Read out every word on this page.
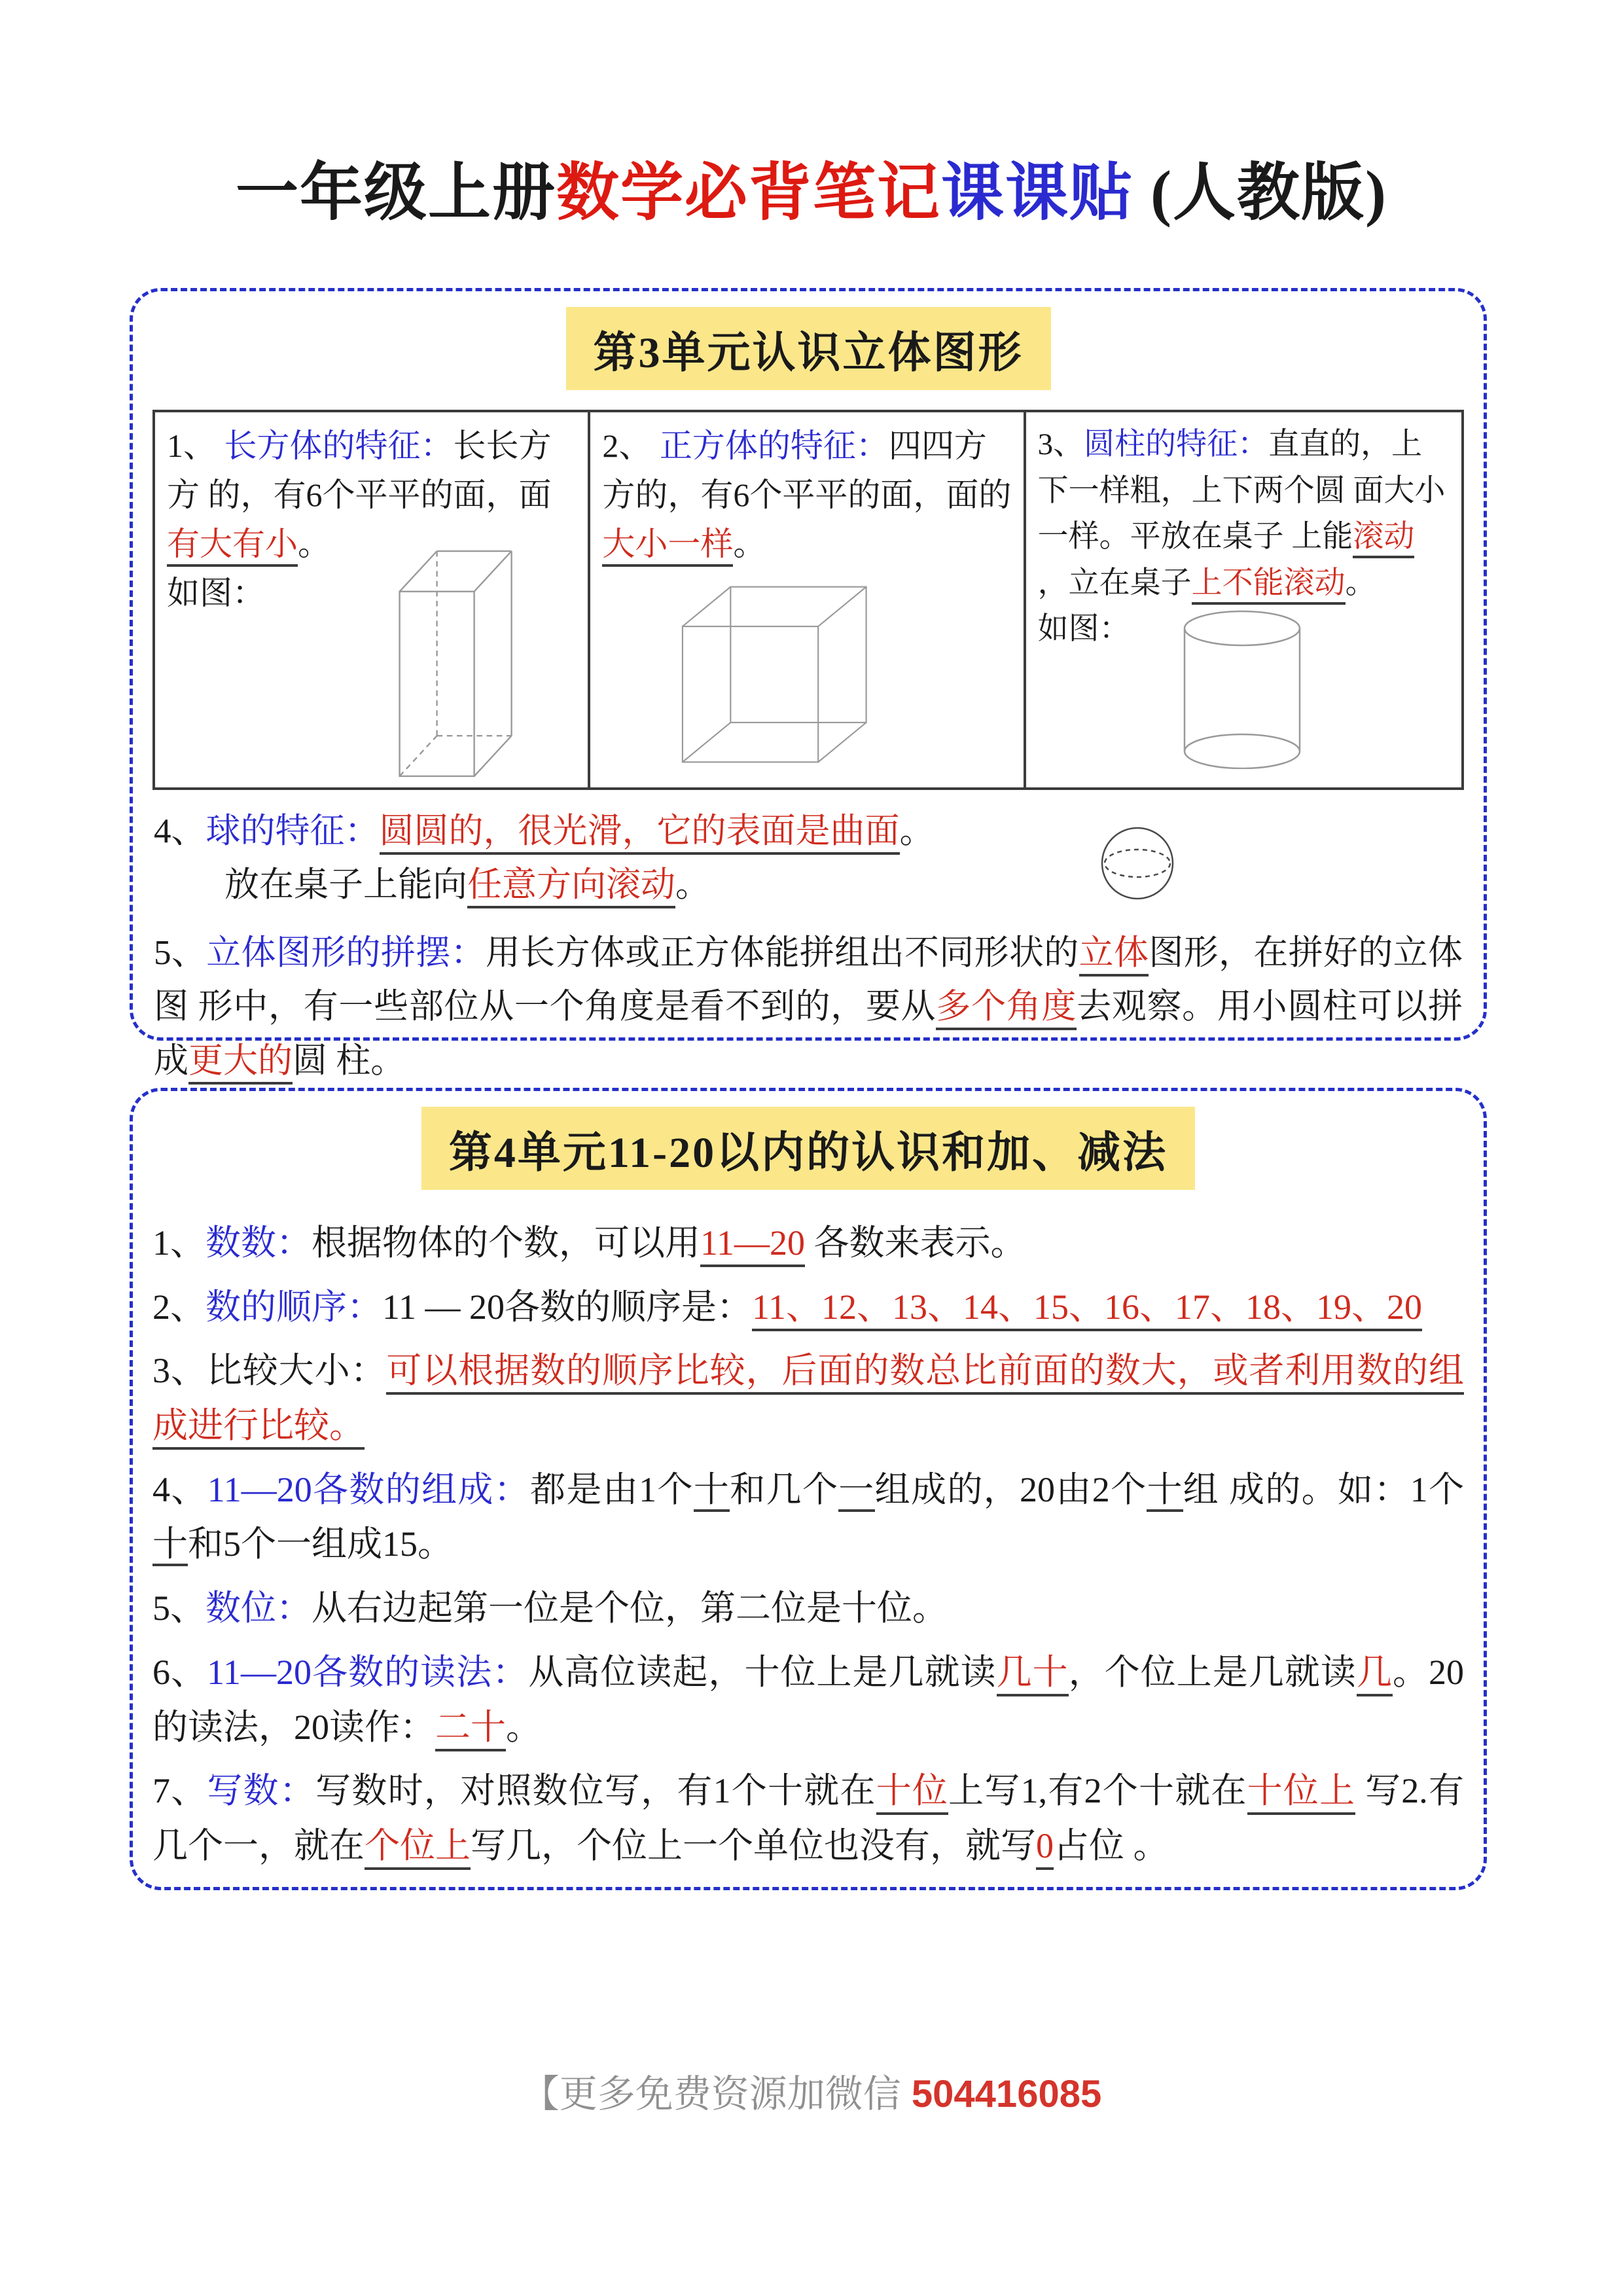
一年级上册数学必背笔记课课贴 (人教版)
第3单元认识立体图形
1、 长方体的特征：长长方方 的，有6个平平的面，面有大有小。
如图：
2、 正方体的特征：四四方方的，有6个平平的面，面的大小一样。
3、圆柱的特征：直直的，上下一样粗，上下两个圆 面大小一样。平放在桌子 上能滚动 ，立在桌子上不能滚动。
如图：
4、球的特征：圆圆的，很光滑，它的表面是曲面。
放在桌子上能向任意方向滚动。
5、立体图形的拼摆：用长方体或正方体能拼组出不同形状的立体图形，在拼好的立体图 形中，有一些部位从一个角度是看不到的，要从多个角度去观察。用小圆柱可以拼成更大的圆 柱。
第4单元11-20以内的认识和加、减法
1、数数：根据物体的个数，可以用11—20 各数来表示。
2、数的顺序：11 — 20各数的顺序是：11、12、13、14、15、16、17、18、19、20
3、比较大小：可以根据数的顺序比较，后面的数总比前面的数大，或者利用数的组成进行比较。
4、11—20各数的组成：都是由1个十和几个一组成的，20由2个十组 成的。如：1个十和5个一组成15。
5、数位：从右边起第一位是个位，第二位是十位。
6、11—20各数的读法：从高位读起，十位上是几就读几十，个位上是几就读几。20的读法，20读作：二十。
7、写数：写数时，对照数位写，有1个十就在十位上写1,有2个十就在十位上 写2.有几个一，就在个位上写几，个位上一个单位也没有，就写0占位 。
【更多免费资源加微信 504416085
